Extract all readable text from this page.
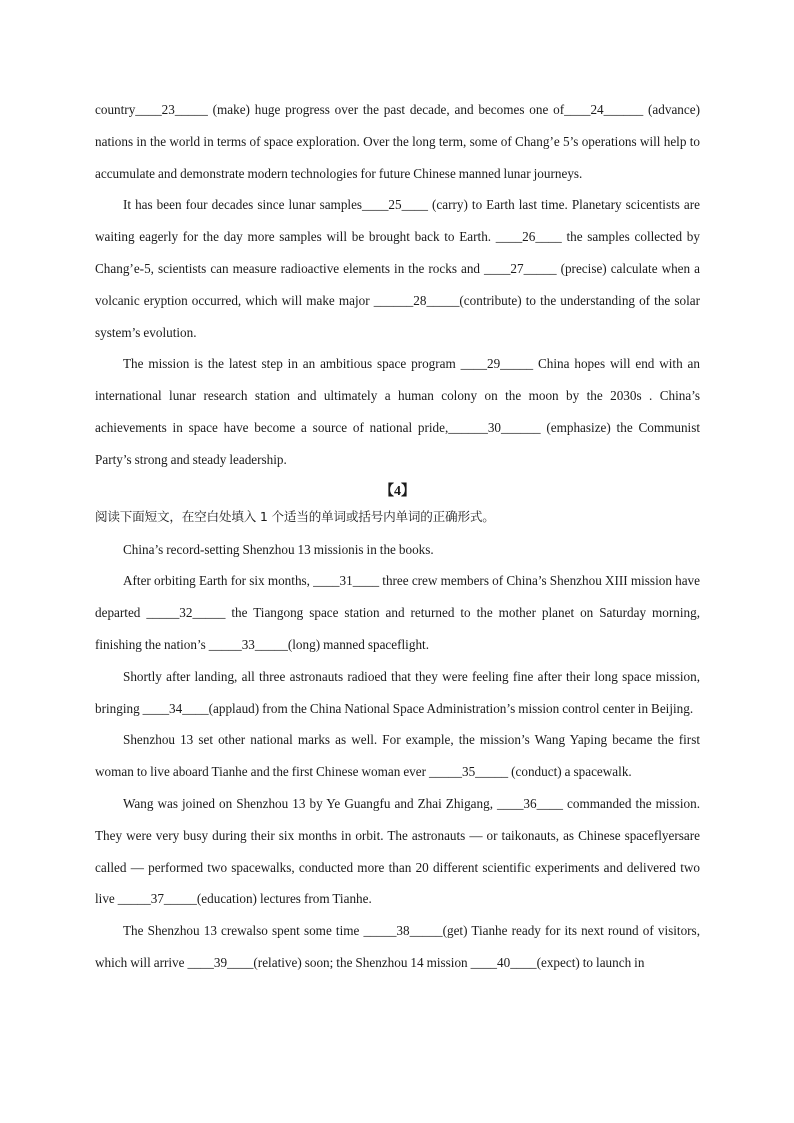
country____23_____ (make) huge progress over the past decade, and becomes one of____24______ (advance) nations in the world in terms of space exploration. Over the long term, some of Chang’e 5’s operations will help to accumulate and demonstrate modern technologies for future Chinese manned lunar journeys.

It has been four decades since lunar samples____25____ (carry) to Earth last time. Planetary scicentists are waiting eagerly for the day more samples will be brought back to Earth. ____26____ the samples collected by Chang’e-5, scientists can measure radioactive elements in the rocks and ____27_____ (precise) calculate when a volcanic eryption occurred, which will make major ______28_____(contribute) to the understanding of the solar system’s evolution.

The mission is the latest step in an ambitious space program ____29_____ China hopes will end with an international lunar research station and ultimately a human colony on the moon by the 2030s . China’s achievements in space have become a source of national pride,______30______ (emphasize) the Communist Party’s strong and steady leadership.

【4】

阅读下面短文，在空白处填入 1 个适当的单词或括号内单词的正确形式。

China’s record-setting Shenzhou 13 missionis in the books.

After orbiting Earth for six months, ____31____ three crew members of China’s Shenzhou XIII mission have departed _____32_____ the Tiangong space station and returned to the mother planet on Saturday morning, finishing the nation’s _____33_____(long) manned spaceflight.

Shortly after landing, all three astronauts radioed that they were feeling fine after their long space mission, bringing ____34____(applaud) from the China National Space Administration’s mission control center in Beijing.

Shenzhou 13 set other national marks as well. For example, the mission’s Wang Yaping became the first woman to live aboard Tianhe and the first Chinese woman ever _____35_____ (conduct) a spacewalk.

Wang was joined on Shenzhou 13 by Ye Guangfu and Zhai Zhigang, ____36____ commanded the mission. They were very busy during their six months in orbit. The astronauts — or taikonauts, as Chinese spaceflyersare called — performed two spacewalks, conducted more than 20 different scientific experiments and delivered two live _____37_____(education) lectures from Tianhe.

The Shenzhou 13 crewalso spent some time _____38_____(get) Tianhe ready for its next round of visitors, which will arrive ____39____(relative) soon; the Shenzhou 14 mission ____40____(expect) to launch in
